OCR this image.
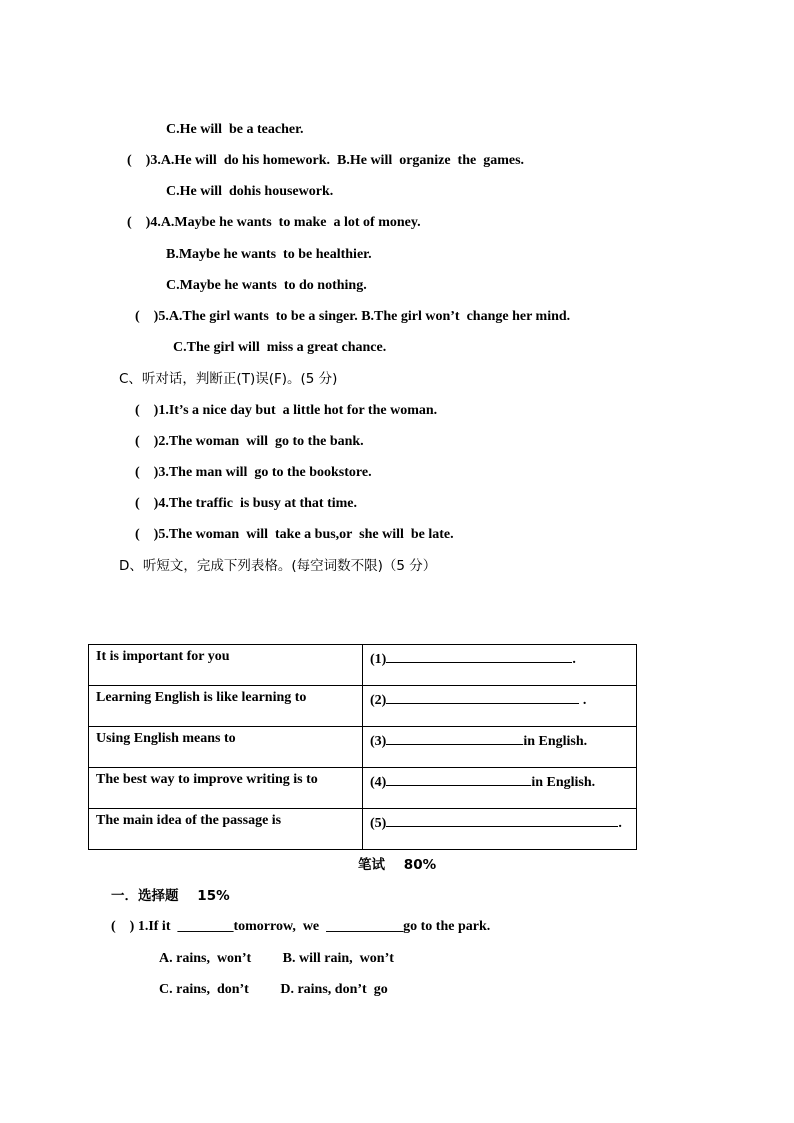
C.He will  be a teacher.
(    )3.A.He will  do his homework.  B.He will  organize  the  games.
C.He will  dohis housework.
(    )4.A.Maybe he wants  to make  a lot of money.
B.Maybe he wants  to be healthier.
C.Maybe he wants  to do nothing.
(    )5.A.The girl wants  to be a singer. B.The girl won’t  change her mind.
C.The girl will  miss a great chance.
C、听对话，判断正(T)误(F)。(5 分)
(    )1.It’s a nice day but  a little hot for the woman.
(    )2.The woman  will  go to the bank.
(    )3.The man will  go to the bookstore.
(    )4.The traffic  is busy at that time.
(    )5.The woman  will  take a bus,or  she will  be late.
D、听短文，完成下列表格。(每空词数不限)（5 分）
It is important for you	(1) .
Learning English is like learning to	(2) .
Using English means to	(3) in English.
The best way to improve writing is to	(4) in English.
The main idea of the passage is	(5) .
笔试    80%
一．选择题    15%
(    ) 1.If it  ________tomorrow,  we  ___________go to the park.
A. rains,  won’t         B. will rain,  won’t
C. rains,  don’t         D. rains, don’t  go
